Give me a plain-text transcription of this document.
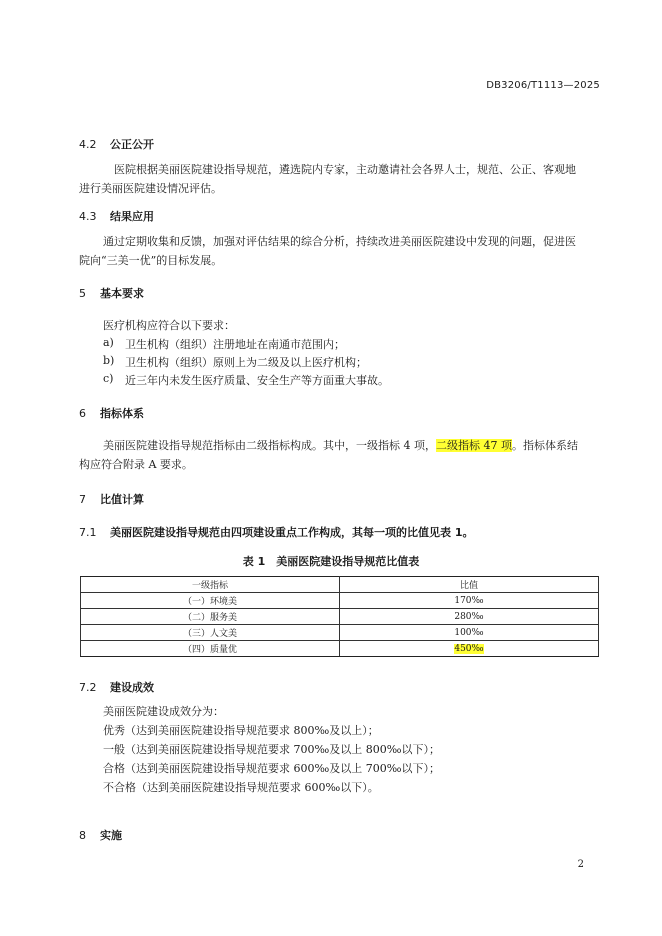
DB3206/T1113—2025
4.2 公正公开
医院根据美丽医院建设指导规范，遴选院内专家，主动邀请社会各界人士，规范、公正、客观地
进行美丽医院建设情况评估。
4.3 结果应用
通过定期收集和反馈，加强对评估结果的综合分析，持续改进美丽医院建设中发现的问题，促进医
院向“三美一优”的目标发展。
5 基本要求
医疗机构应符合以下要求：
a) 卫生机构（组织）注册地址在南通市范围内；
b) 卫生机构（组织）原则上为二级及以上医疗机构；
c) 近三年内未发生医疗质量、安全生产等方面重大事故。
6 指标体系
美丽医院建设指导规范指标由二级指标构成。其中，一级指标 4 项，二级指标 47 项。指标体系结
构应符合附录 A 要求。
7 比值计算
7.1 美丽医院建设指导规范由四项建设重点工作构成，其每一项的比值见表 1。
表 1　美丽医院建设指导规范比值表
一级指标	比值
（一）环境美	170‰
（二）服务美	280‰
（三）人文美	100‰
（四）质量优	450‰
7.2 建设成效
美丽医院建设成效分为：
优秀（达到美丽医院建设指导规范要求 800‰及以上）；
一般（达到美丽医院建设指导规范要求 700‰及以上 800‰以下）；
合格（达到美丽医院建设指导规范要求 600‰及以上 700‰以下）；
不合格（达到美丽医院建设指导规范要求 600‰以下）。
8 实施
2
